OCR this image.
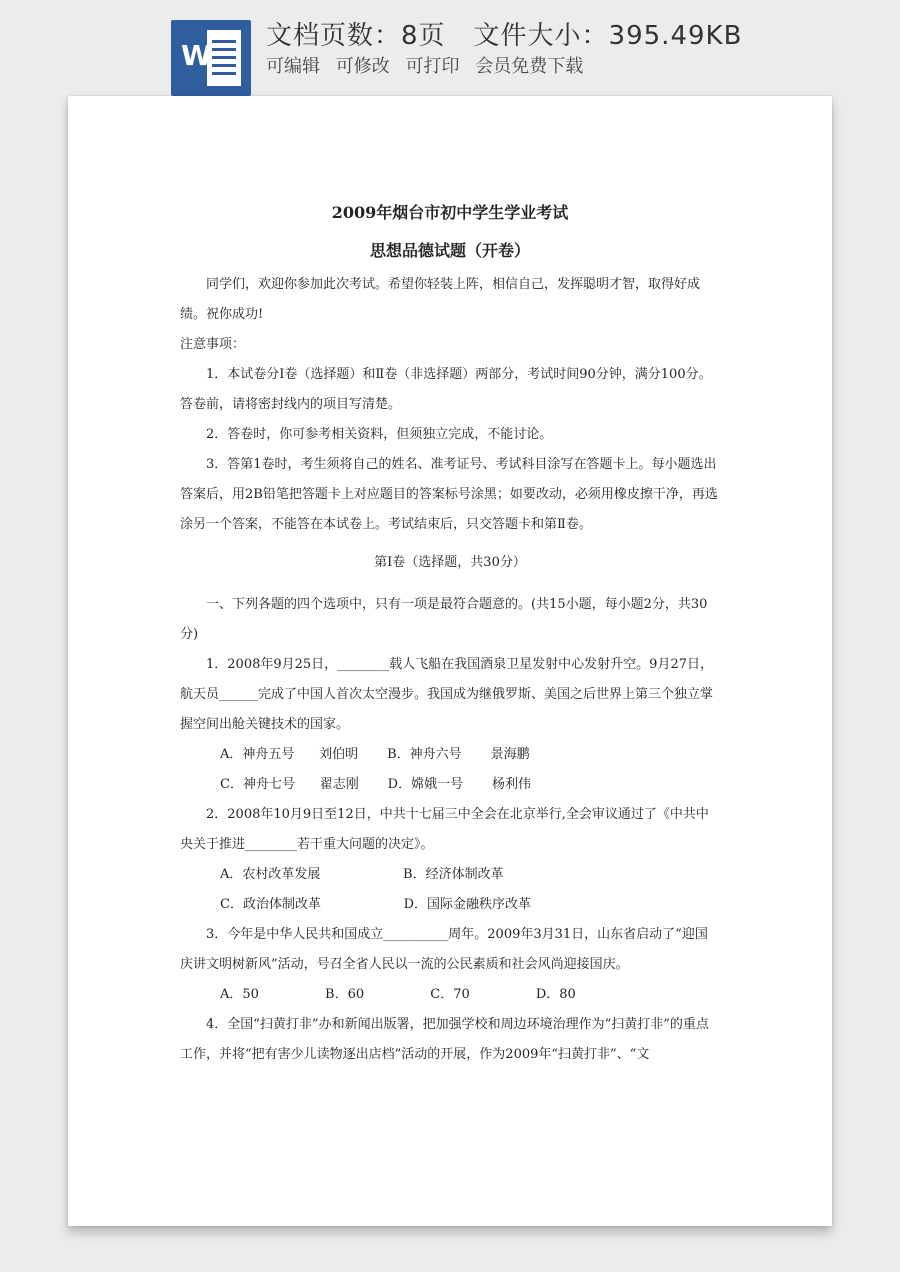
W
文档页数：8页 文件大小：395.49KB
可编辑 可修改 可打印 会员免费下载

2009年烟台市初中学生学业考试

思想品德试题（开卷）

同学们，欢迎你参加此次考试。希望你轻装上阵，相信自己，发挥聪明才智，取得好成绩。祝你成功!

注意事项：

1．本试卷分Ⅰ卷（选择题）和Ⅱ卷（非选择题）两部分，考试时间90分钟，满分100分。答卷前，请将密封线内的项目写清楚。

2．答卷时，你可参考相关资料，但须独立完成，不能讨论。

3．答第1卷时，考生须将自己的姓名、准考证号、考试科目涂写在答题卡上。每小题选出答案后，用2B铅笔把答题卡上对应题目的答案标号涂黑；如要改动，必须用橡皮擦干净，再选涂另一个答案，不能答在本试卷上。考试结束后，只交答题卡和第Ⅱ卷。

第Ⅰ卷（选择题，共30分）

一、下列各题的四个选项中，只有一项是最符合题意的。(共15小题，每小题2分，共30分)

1．2008年9月25日，________载人飞船在我国酒泉卫星发射中心发射升空。9月27日，航天员______完成了中国人首次太空漫步。我国成为继俄罗斯、美国之后世界上第三个独立掌握空间出舱关键技术的国家。

A．神舟五号      刘伯明       B．神舟六号       景海鹏

C．神舟七号      翟志刚       D．嫦娥一号       杨利伟

2．2008年10月9日至12日，中共十七届三中全会在北京举行,全会审议通过了《中共中央关于推进________若干重大问题的决定》。

A．农村改革发展                    B．经济体制改革

C．政治体制改革                    D．国际金融秩序改革

3．今年是中华人民共和国成立__________周年。2009年3月31日，山东省启动了“迎国庆讲文明树新风”活动，号召全省人民以一流的公民素质和社会风尚迎接国庆。

A．50                B．60                C．70                D．80

4．全国“扫黄打非”办和新闻出版署，把加强学校和周边环境治理作为“扫黄打非”的重点工作，并将“把有害少儿读物逐出店档”活动的开展，作为2009年“扫黄打非”、“文
